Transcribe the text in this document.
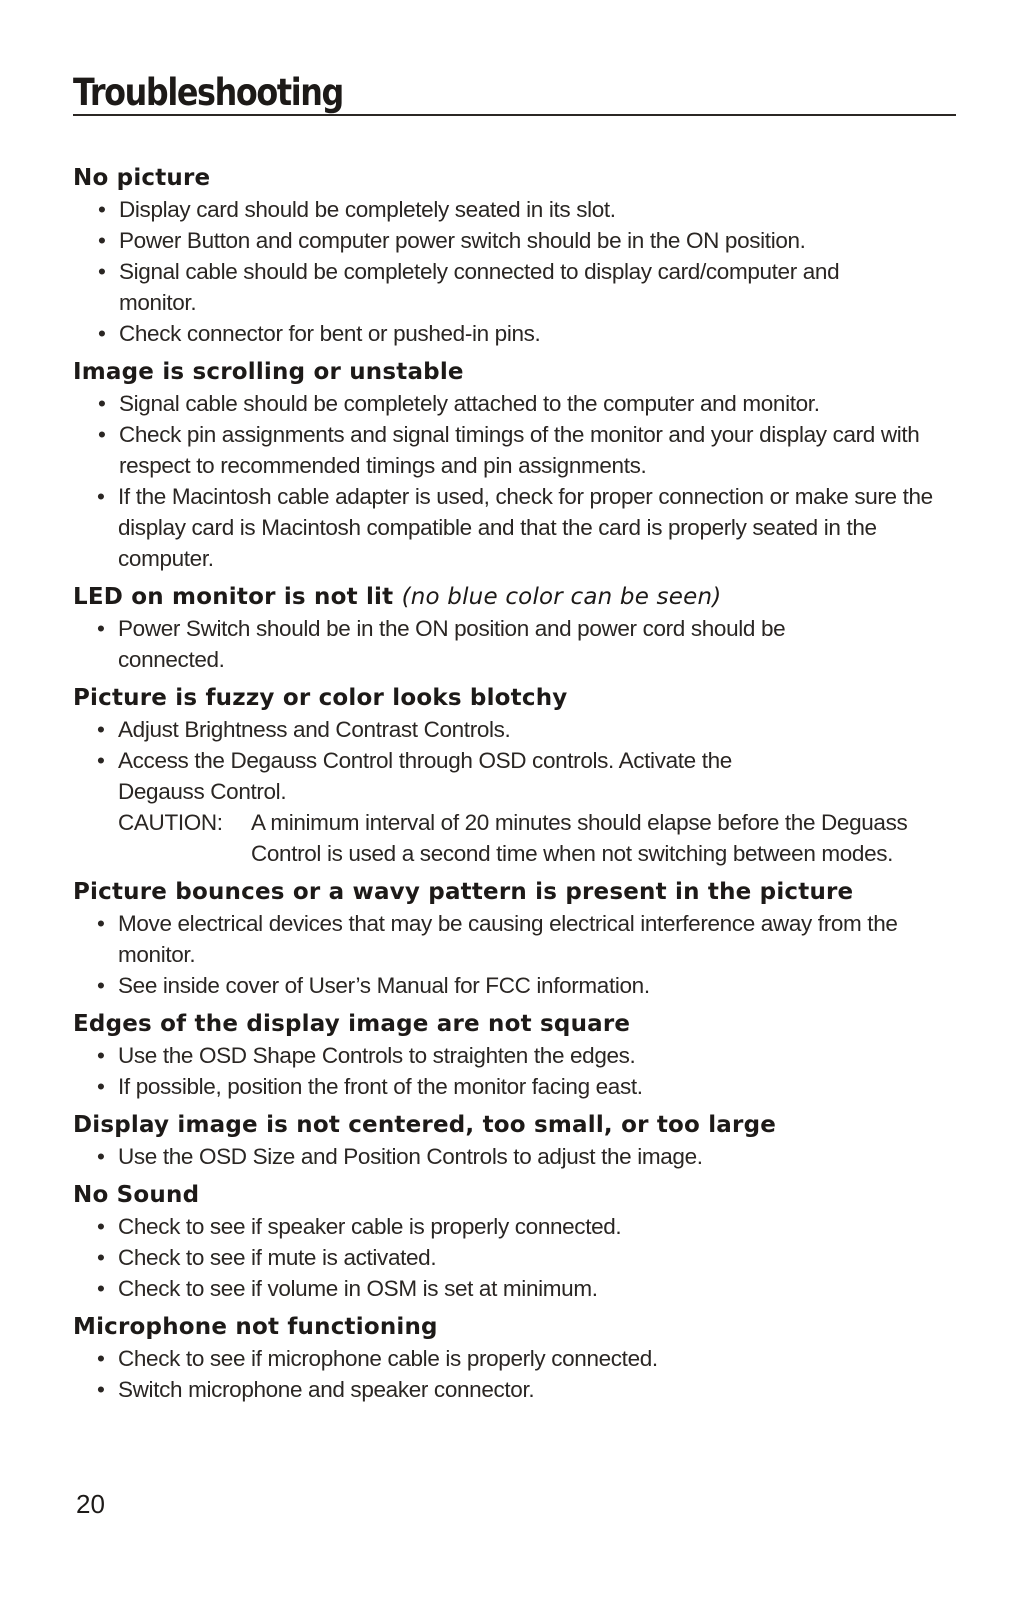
Troubleshooting
No picture
• Display card should be completely seated in its slot.
• Power Button and computer power switch should be in the ON position.
• Signal cable should be completely connected to display card/computer and monitor.
• Check connector for bent or pushed-in pins.
Image is scrolling or unstable
• Signal cable should be completely attached to the computer and monitor.
• Check pin assignments and signal timings of the monitor and your display card with respect to recommended timings and pin assignments.
• If the Macintosh cable adapter is used, check for proper connection or make sure the display card is Macintosh compatible and that the card is properly seated in the computer.
LED on monitor is not lit (no blue color can be seen)
• Power Switch should be in the ON position and power cord should be connected.
Picture is fuzzy or color looks blotchy
• Adjust Brightness and Contrast Controls.
• Access the Degauss Control through OSD controls. Activate the Degauss Control.
CAUTION:	A minimum interval of 20 minutes should elapse before the Deguass Control is used a second time when not switching between modes.
Picture bounces or a wavy pattern is present in the picture
• Move electrical devices that may be causing electrical interference away from the monitor.
• See inside cover of User’s Manual for FCC information.
Edges of the display image are not square
• Use the OSD Shape Controls to straighten the edges.
• If possible, position the front of the monitor facing east.
Display image is not centered, too small, or too large
• Use the OSD Size and Position Controls to adjust the image.
No Sound
• Check to see if speaker cable is properly connected.
• Check to see if mute is activated.
• Check to see if volume in OSM is set at minimum.
Microphone not functioning
• Check to see if microphone cable is properly connected.
• Switch microphone and speaker connector.
20
